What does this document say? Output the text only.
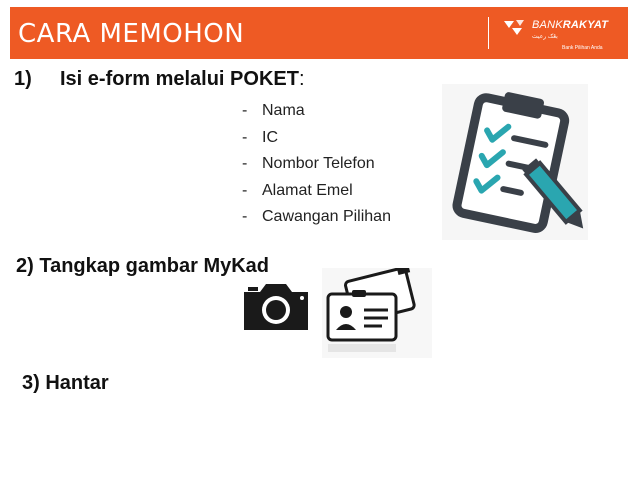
CARA MEMOHON	BANKRAKYAT
بڠک رعيت
Bank Pilihan Anda
1) Isi e-form melalui POKET:
- Nama
- IC
- Nombor Telefon
- Alamat Emel
- Cawangan Pilihan
2) Tangkap gambar MyKad
3) Hantar
